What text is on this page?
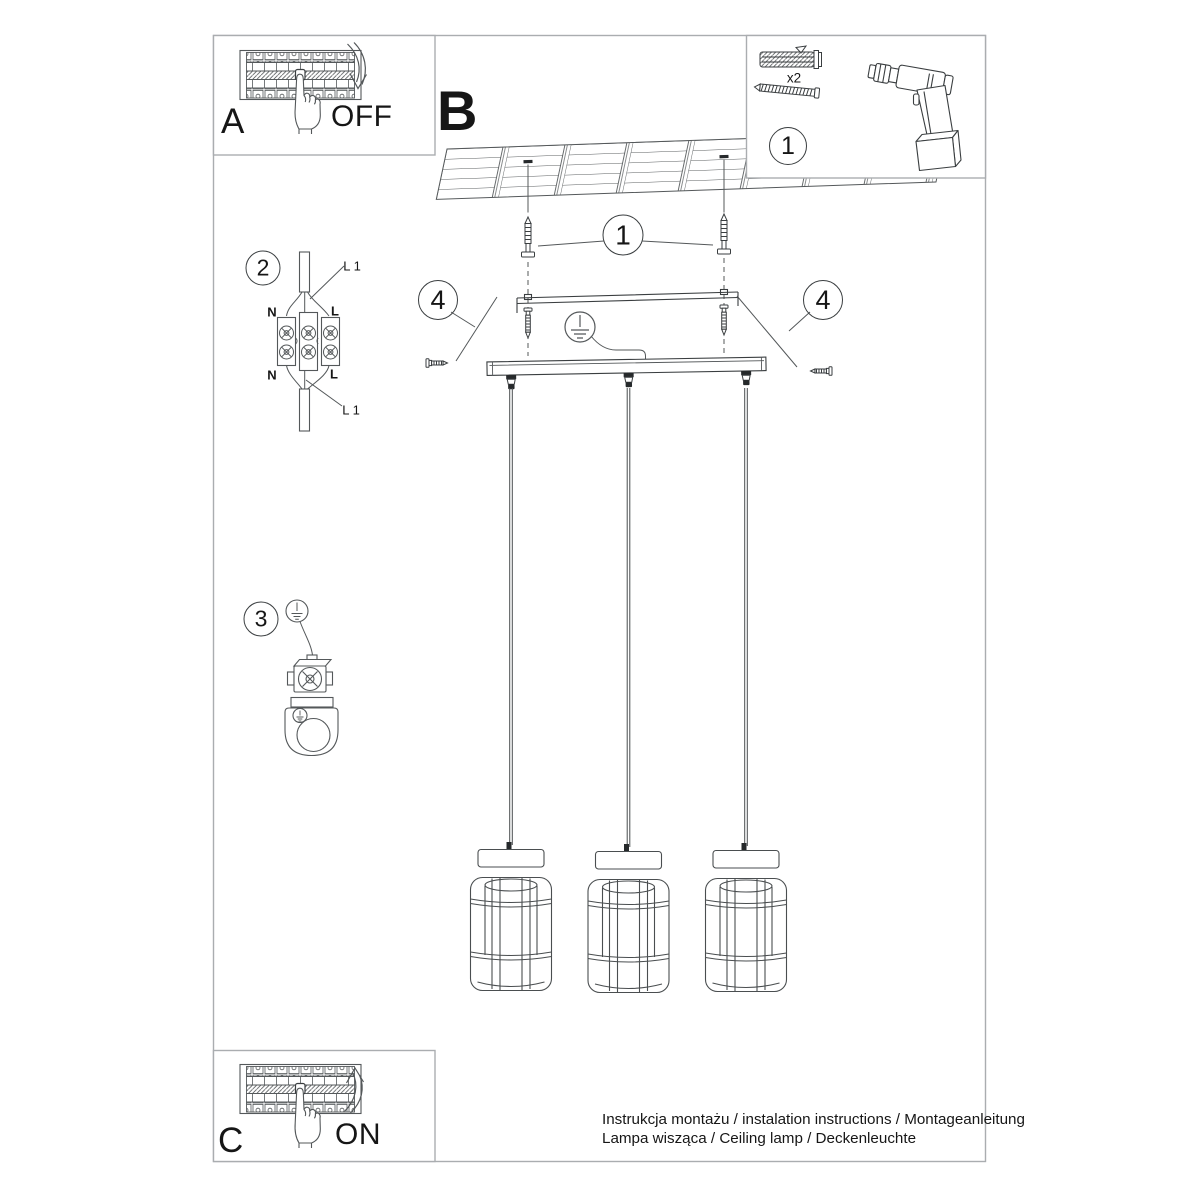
A	B
C
OFF
ON
x2
1
1
4	4
2
3
N	L
N	L
L 1
L 1
Instrukcja montażu / instalation instructions / Montageanleitung
Lampa wisząca / Ceiling lamp / Deckenleuchte
